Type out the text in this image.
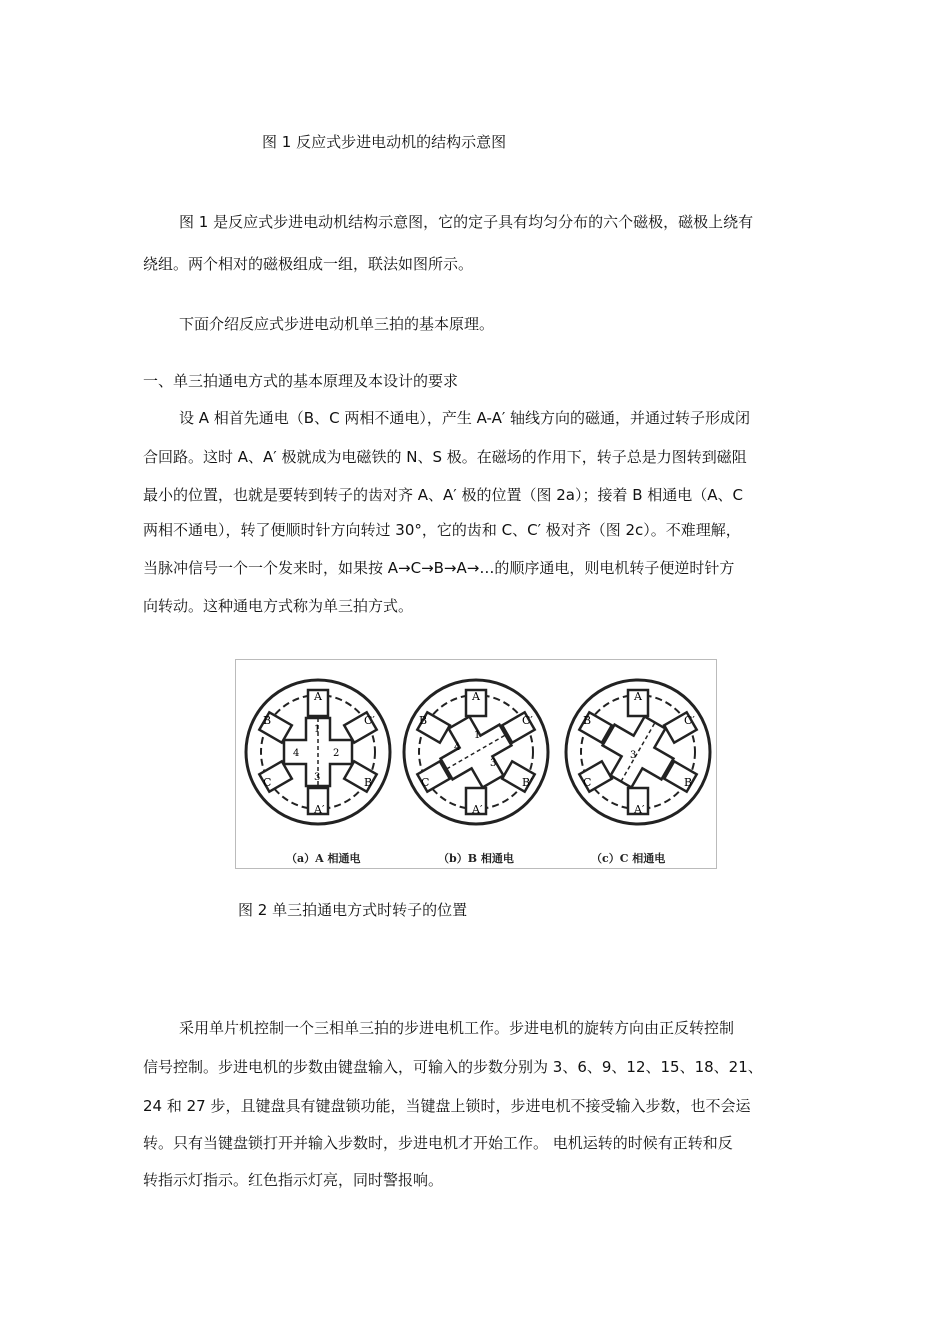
图 1 反应式步进电动机的结构示意图
图 1 是反应式步进电动机结构示意图，它的定子具有均匀分布的六个磁极，磁极上绕有
绕组。两个相对的磁极组成一组，联法如图所示。
下面介绍反应式步进电动机单三拍的基本原理。
一、单三拍通电方式的基本原理及本设计的要求
设 A 相首先通电（B、C 两相不通电），产生 A-A′ 轴线方向的磁通，并通过转子形成闭
合回路。这时 A、A′ 极就成为电磁铁的 N、S 极。在磁场的作用下，转子总是力图转到磁阻
最小的位置，也就是要转到转子的齿对齐 A、A′ 极的位置（图 2a）；接着 B 相通电（A、C
两相不通电），转了便顺时针方向转过 30°，它的齿和 C、C′ 极对齐（图 2c）。不难理解，
当脉冲信号一个一个发来时，如果按 A→C→B→A→…的顺序通电，则电机转子便逆时针方
向转动。这种通电方式称为单三拍方式。
A
A′
B	C′
C	B
1
2
3
4
A
A′
B	C′
C	B′
1
4
3
A
A′
B	C′
C	B
3
（a）A 相通电	（b）B 相通电	（c）C 相通电
图 2 单三拍通电方式时转子的位置
采用单片机控制一个三相单三拍的步进电机工作。步进电机的旋转方向由正反转控制
信号控制。步进电机的步数由键盘输入，可输入的步数分别为 3、6、9、12、15、18、21、
24 和 27 步，且键盘具有键盘锁功能，当键盘上锁时，步进电机不接受输入步数，也不会运
转。只有当键盘锁打开并输入步数时，步进电机才开始工作。 电机运转的时候有正转和反
转指示灯指示。红色指示灯亮，同时警报响。
